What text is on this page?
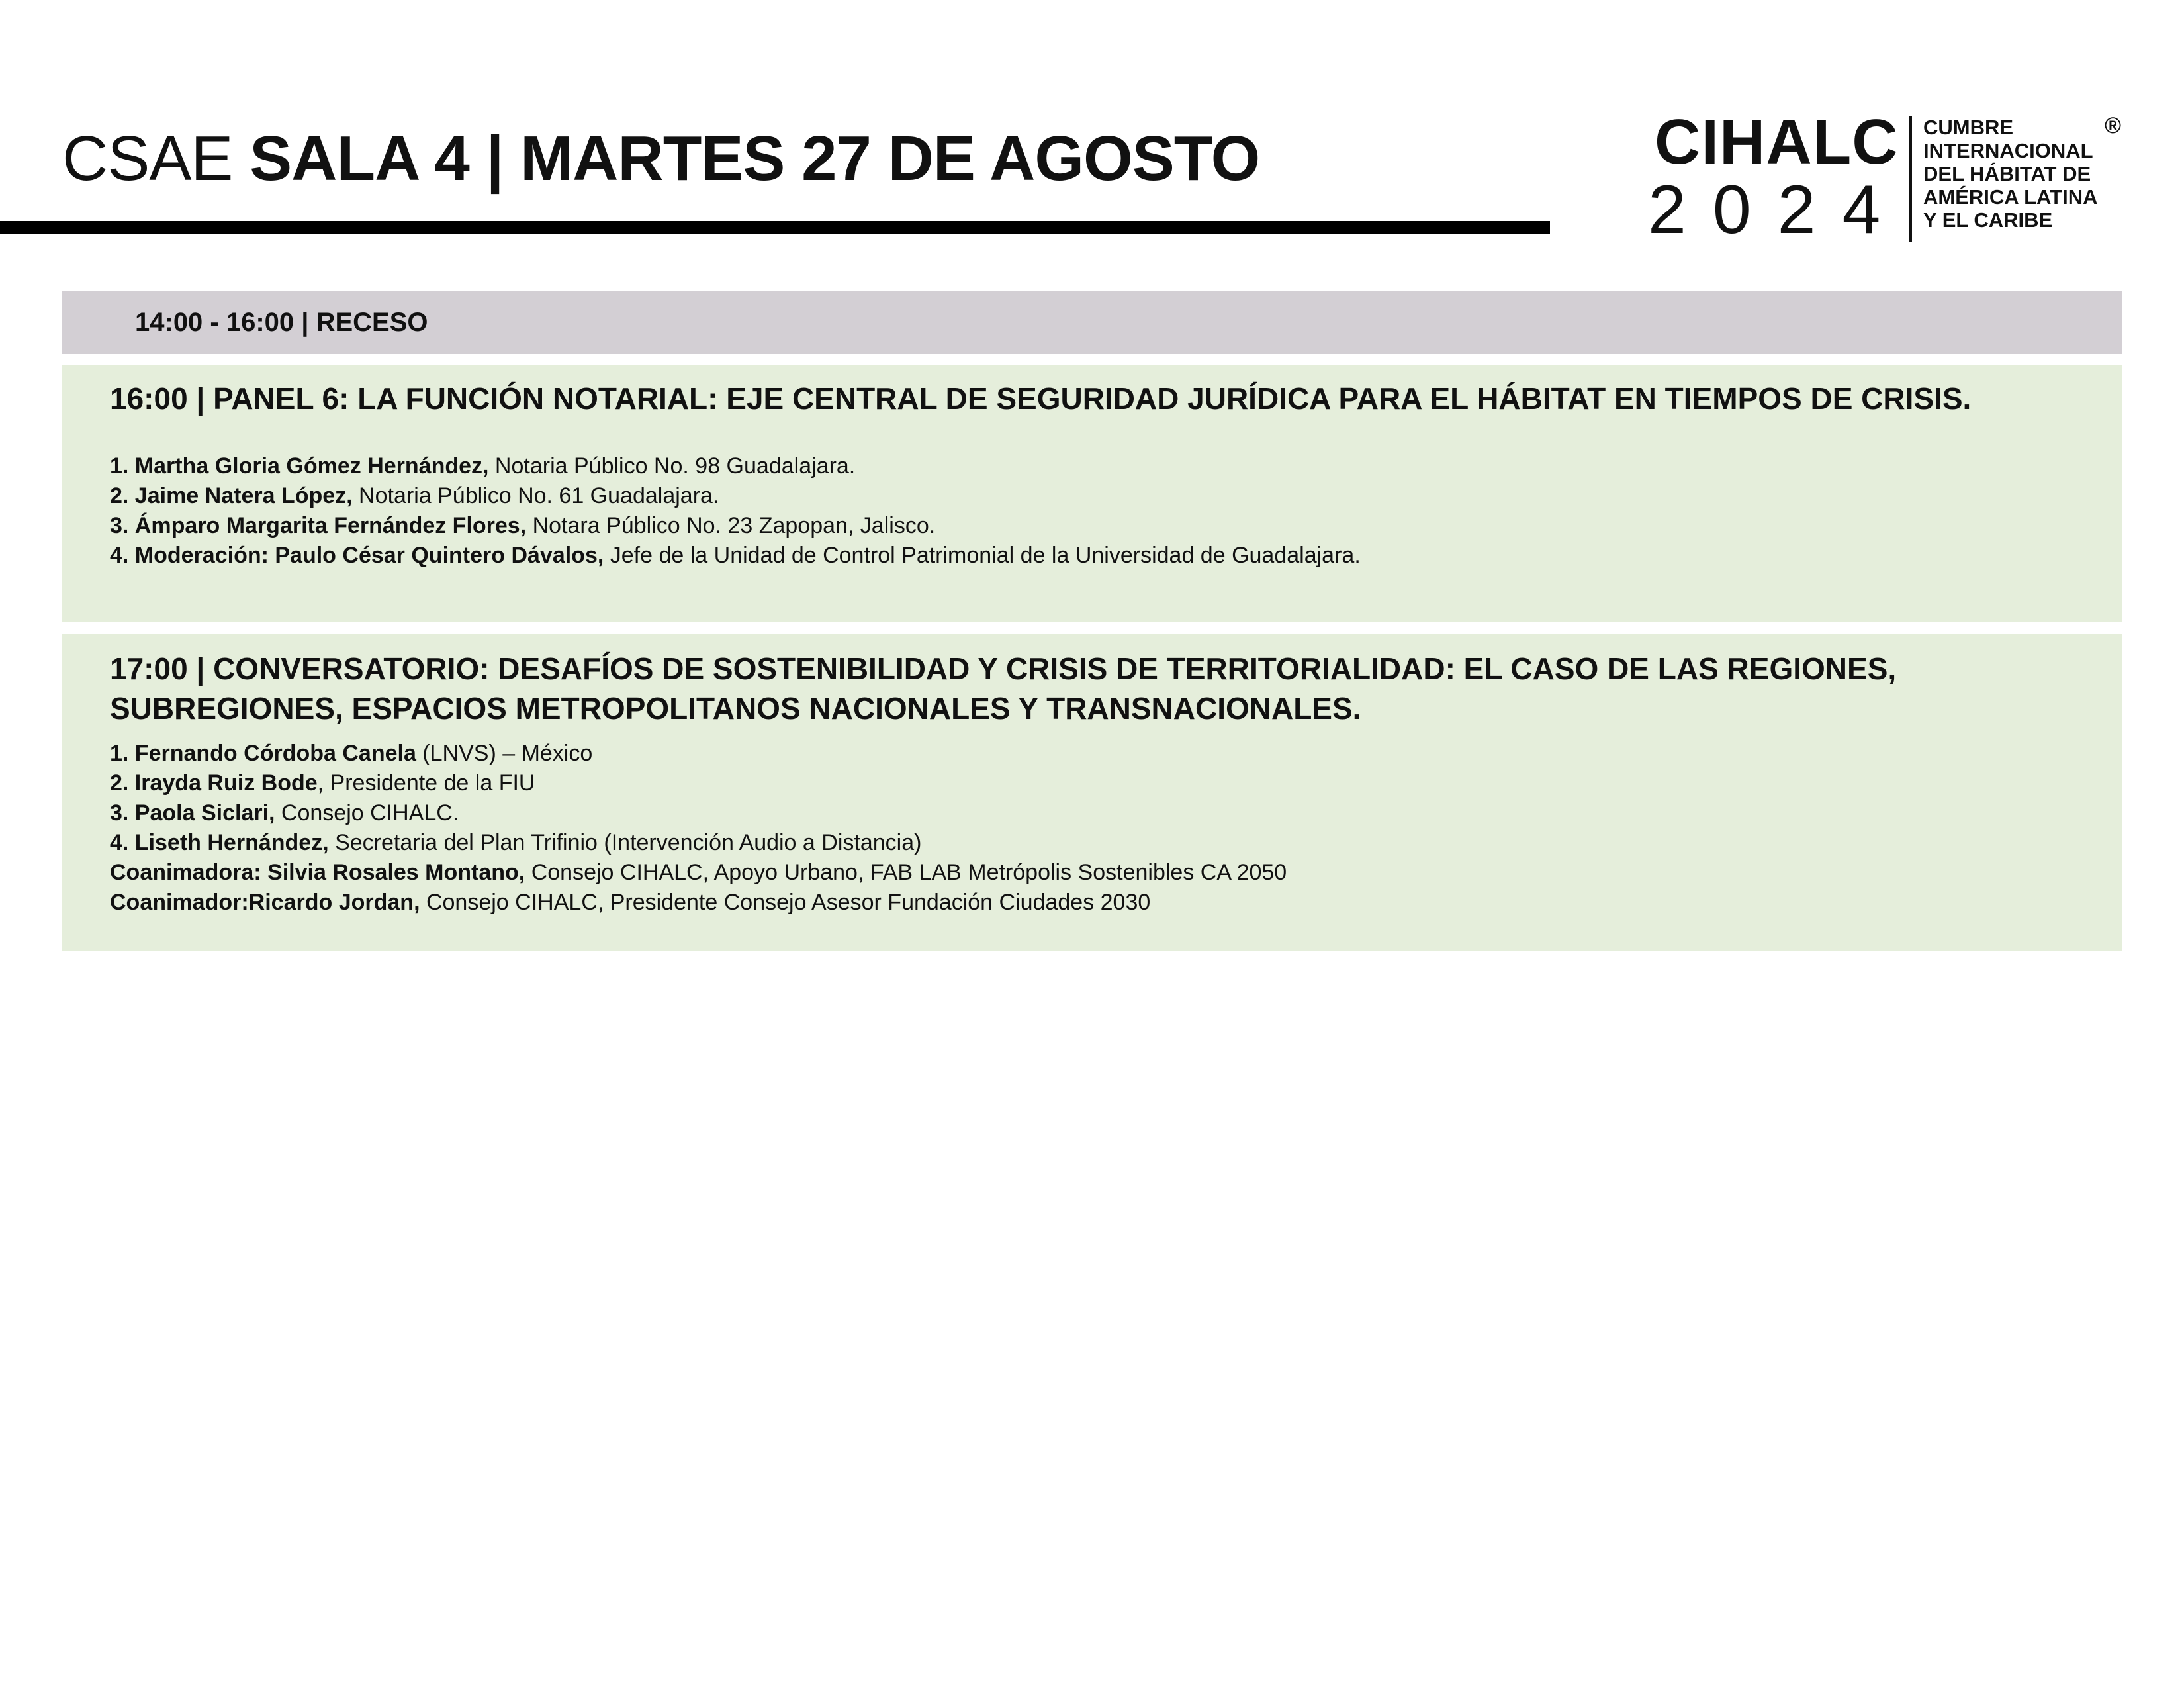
CSAE SALA 4 | MARTES 27 DE AGOSTO	CIHALC
2024
CUMBRE
INTERNACIONAL
DEL HÁBITAT DE
AMÉRICA LATINA
Y EL CARIBE
®
14:00 - 16:00 | RECESO
16:00 | PANEL 6: LA FUNCIÓN NOTARIAL: EJE CENTRAL DE SEGURIDAD JURÍDICA PARA EL HÁBITAT EN TIEMPOS DE CRISIS.
1. Martha Gloria Gómez Hernández, Notaria Público No. 98 Guadalajara.
2. Jaime Natera López, Notaria Público No. 61 Guadalajara.
3. Ámparo Margarita Fernández Flores, Notara Público No. 23 Zapopan, Jalisco.
4. Moderación: Paulo César Quintero Dávalos, Jefe de la Unidad de Control Patrimonial de la Universidad de Guadalajara.
17:00 | CONVERSATORIO: DESAFÍOS DE SOSTENIBILIDAD Y CRISIS DE TERRITORIALIDAD: EL CASO DE LAS REGIONES, SUBREGIONES, ESPACIOS METROPOLITANOS NACIONALES Y TRANSNACIONALES.
1. Fernando Córdoba Canela (LNVS) – México
2. Irayda Ruiz Bode, Presidente de la FIU
3. Paola Siclari, Consejo CIHALC.
4. Liseth Hernández, Secretaria del Plan Trifinio (Intervención Audio a Distancia)
Coanimadora: Silvia Rosales Montano, Consejo CIHALC, Apoyo Urbano, FAB LAB Metrópolis Sostenibles CA 2050
Coanimador:Ricardo Jordan, Consejo CIHALC, Presidente Consejo Asesor Fundación Ciudades 2030
